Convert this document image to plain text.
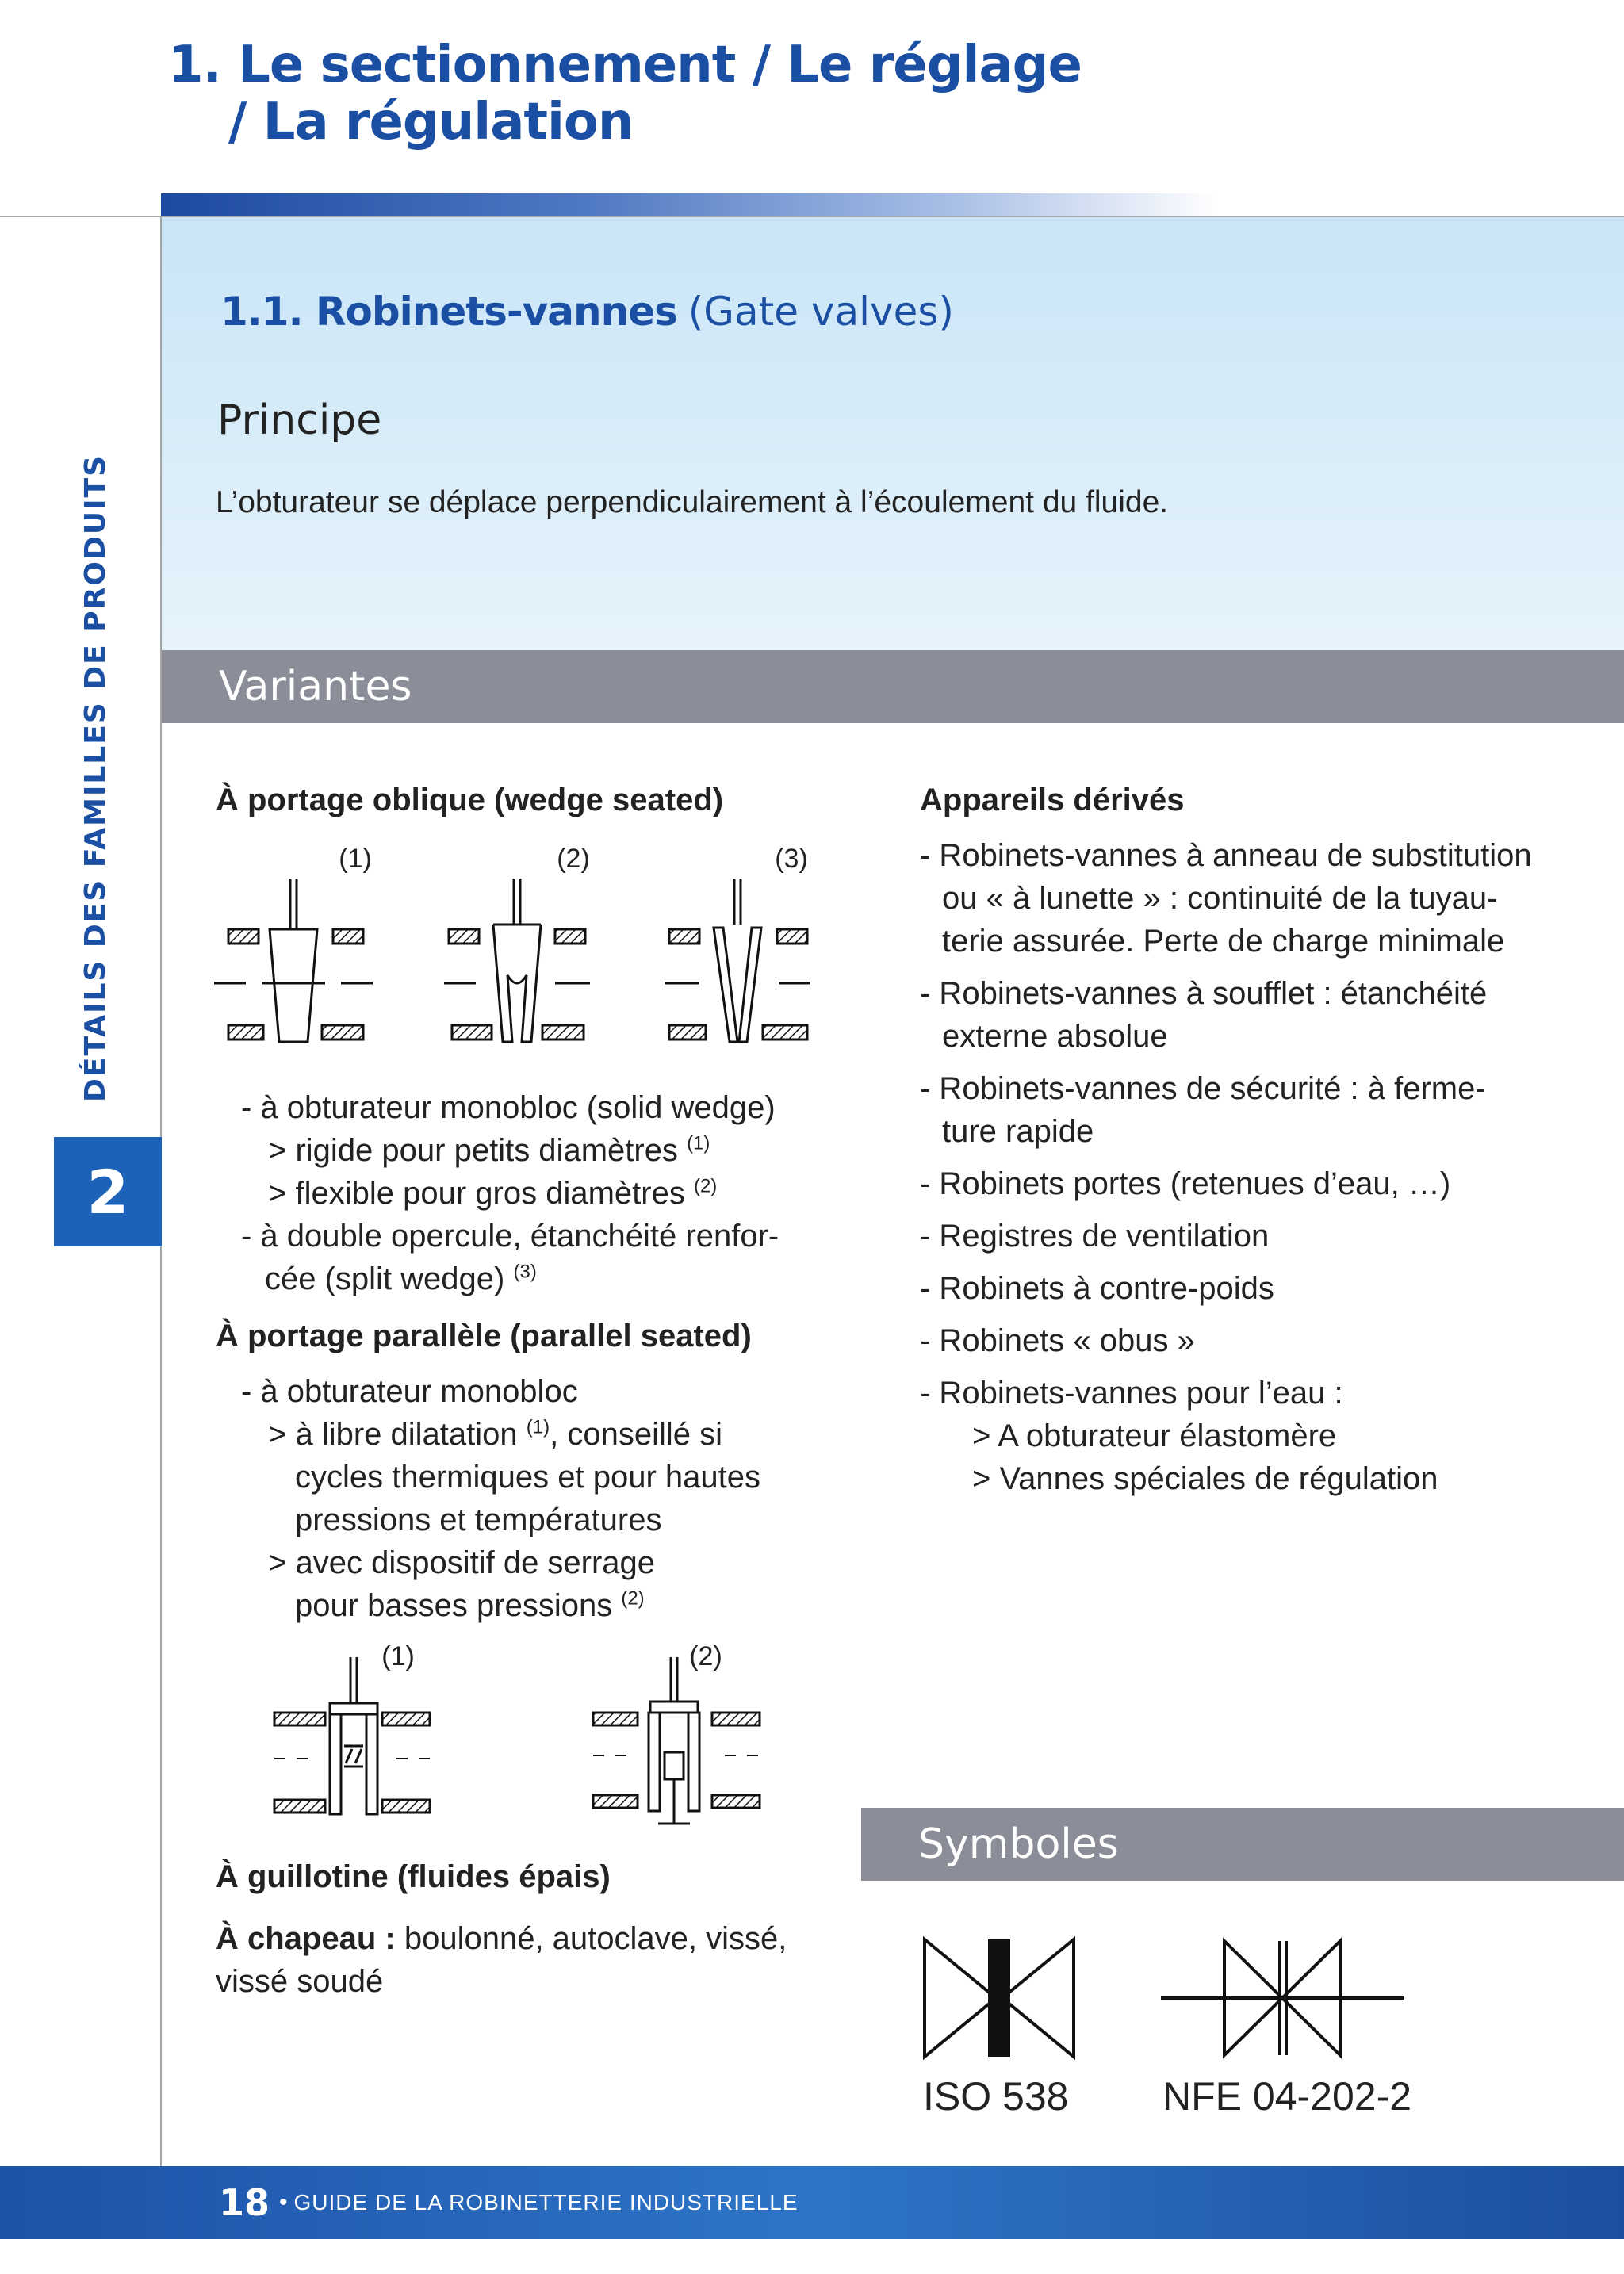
1. Le sectionnement / Le réglage
/ La régulation
DÉTAILS DES FAMILLES DE PRODUITS
2
1.1. Robinets-vannes (Gate valves)
Principe
L’obturateur se déplace perpendiculairement à l’écoulement du fluide.
Variantes
À portage oblique (wedge seated)
(1)	(2)	(3)
- à obturateur monobloc (solid wedge)
> rigide pour petits diamètres $^{(1)}$
> flexible pour gros diamètres $^{(2)}$
- à double opercule, étanchéité renfor-
cée (split wedge) $^{(3)}$
À portage parallèle (parallel seated)
- à obturateur monobloc
> à libre dilatation $^{(1)}$, conseillé si
cycles thermiques et pour hautes
pressions et températures
> avec dispositif de serrage
pour basses pressions $^{(2)}$
(1)	(2)
À guillotine (fluides épais)
À chapeau : boulonné, autoclave, vissé,
vissé soudé
Appareils dérivés
- Robinets-vannes à anneau de substitution
ou « à lunette » : continuité de la tuyau-
terie assurée. Perte de charge minimale
- Robinets-vannes à soufflet : étanchéité
externe absolue
- Robinets-vannes de sécurité : à ferme-
ture rapide
- Robinets portes (retenues d’eau, …)
- Registres de ventilation
- Robinets à contre-poids
- Robinets « obus »
- Robinets-vannes pour l’eau :
> A obturateur élastomère
> Vannes spéciales de régulation
Symboles
ISO 538 NFE 04-202-2
18 • GUIDE DE LA ROBINETTERIE INDUSTRIELLE
